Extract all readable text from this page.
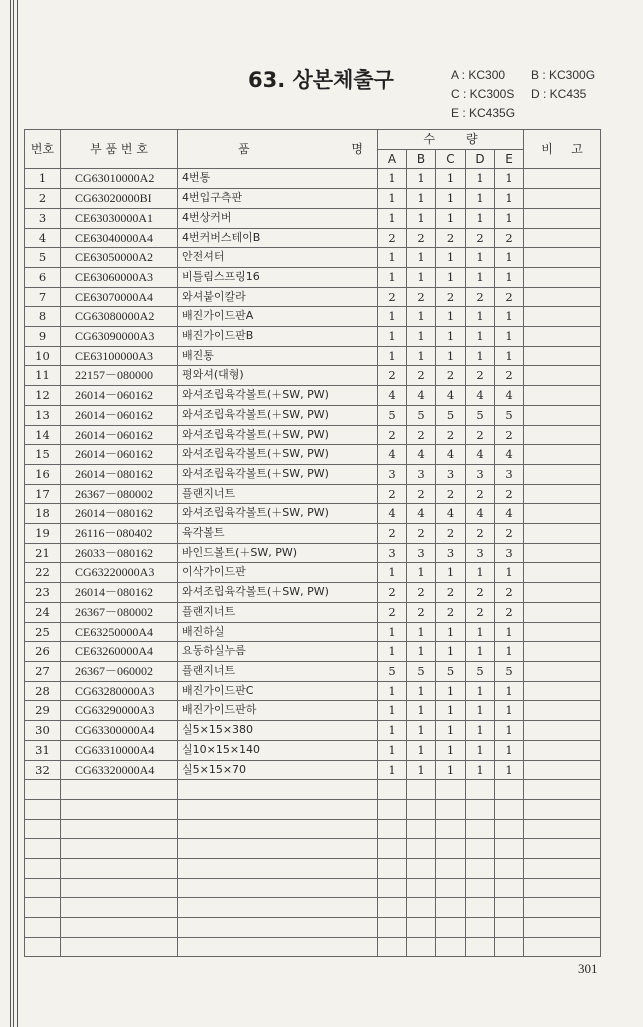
63. 상본체출구	A : KC300 B : KC300G
C : KC300S D : KC435
E : KC435G
번호	부 품 번 호	품 명	수 량					비 고

			A	B	C	D	E	
1	CG63010000A2	4번통	1	1	1	1	1	
2	CG63020000BI	4번입구측판	1	1	1	1	1	
3	CE63030000A1	4번상커버	1	1	1	1	1	
4	CE63040000A4	4번커버스테이B	2	2	2	2	2	
5	CE63050000A2	안전셔터	1	1	1	1	1	
6	CE63060000A3	비틀림스프링16	1	1	1	1	1	
7	CE63070000A4	와셔붙이칼라	2	2	2	2	2	
8	CG63080000A2	배진가이드판A	1	1	1	1	1	
9	CG63090000A3	배진가이드판B	1	1	1	1	1	
10	CE63100000A3	배진통	1	1	1	1	1	
11	22157－080000	평와셔(대형)	2	2	2	2	2	
12	26014－060162	와셔조립육각볼트(＋SW, PW)	4	4	4	4	4	
13	26014－060162	와셔조립육각볼트(＋SW, PW)	5	5	5	5	5	
14	26014－060162	와셔조립육각볼트(＋SW, PW)	2	2	2	2	2	
15	26014－060162	와셔조립육각볼트(＋SW, PW)	4	4	4	4	4	
16	26014－080162	와셔조립육각볼트(＋SW, PW)	3	3	3	3	3	
17	26367－080002	플랜지너트	2	2	2	2	2	
18	26014－080162	와셔조립육각볼트(＋SW, PW)	4	4	4	4	4	
19	26116－080402	육각볼트	2	2	2	2	2	
21	26033－080162	바인드볼트(＋SW, PW)	3	3	3	3	3	
22	CG63220000A3	이삭가이드판	1	1	1	1	1	
23	26014－080162	와셔조립육각볼트(＋SW, PW)	2	2	2	2	2	
24	26367－080002	플랜지너트	2	2	2	2	2	
25	CE63250000A4	배진하실	1	1	1	1	1	
26	CE63260000A4	요동하실누름	1	1	1	1	1	
27	26367－060002	플랜지너트	5	5	5	5	5	
28	CG63280000A3	배진가이드판C	1	1	1	1	1	
29	CG63290000A3	배진가이드판하	1	1	1	1	1	
30	CG63300000A4	실5×15×380	1	1	1	1	1	
31	CG63310000A4	실10×15×140	1	1	1	1	1	
32	CG63320000A4	실5×15×70	1	1	1	1	1	

301
